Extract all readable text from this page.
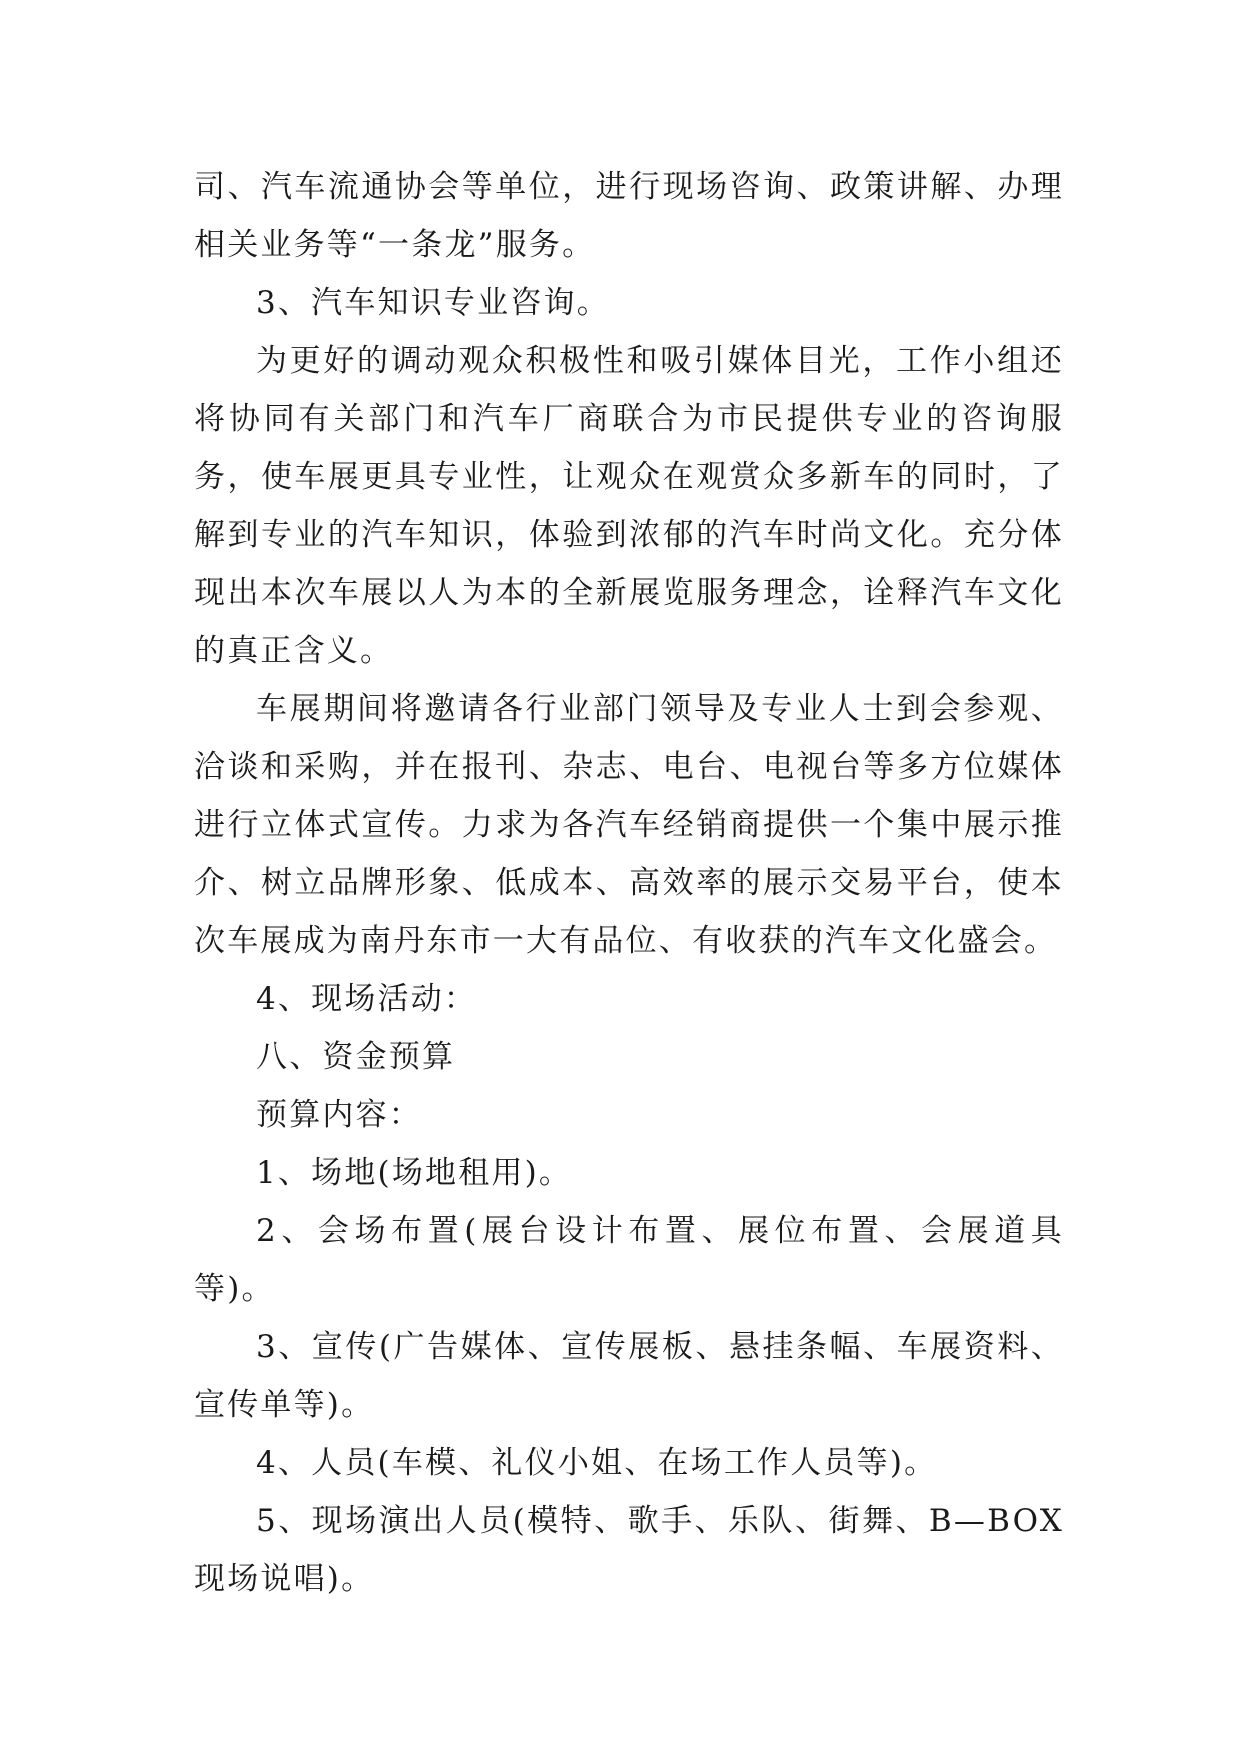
司、汽车流通协会等单位，进行现场咨询、政策讲解、办理相关业务等“一条龙”服务。

3、汽车知识专业咨询。

为更好的调动观众积极性和吸引媒体目光，工作小组还将协同有关部门和汽车厂商联合为市民提供专业的咨询服务，使车展更具专业性，让观众在观赏众多新车的同时，了解到专业的汽车知识，体验到浓郁的汽车时尚文化。充分体现出本次车展以人为本的全新展览服务理念，诠释汽车文化的真正含义。

车展期间将邀请各行业部门领导及专业人士到会参观、洽谈和采购，并在报刊、杂志、电台、电视台等多方位媒体进行立体式宣传。力求为各汽车经销商提供一个集中展示推介、树立品牌形象、低成本、高效率的展示交易平台，使本次车展成为南丹东市一大有品位、有收获的汽车文化盛会。

4、现场活动：

八、资金预算

预算内容：

1、场地(场地租用)。

2、会场布置(展台设计布置、展位布置、会展道具等)。

3、宣传(广告媒体、宣传展板、悬挂条幅、车展资料、宣传单等)。

4、人员(车模、礼仪小姐、在场工作人员等)。

5、现场演出人员(模特、歌手、乐队、街舞、B—BOX现场说唱)。
